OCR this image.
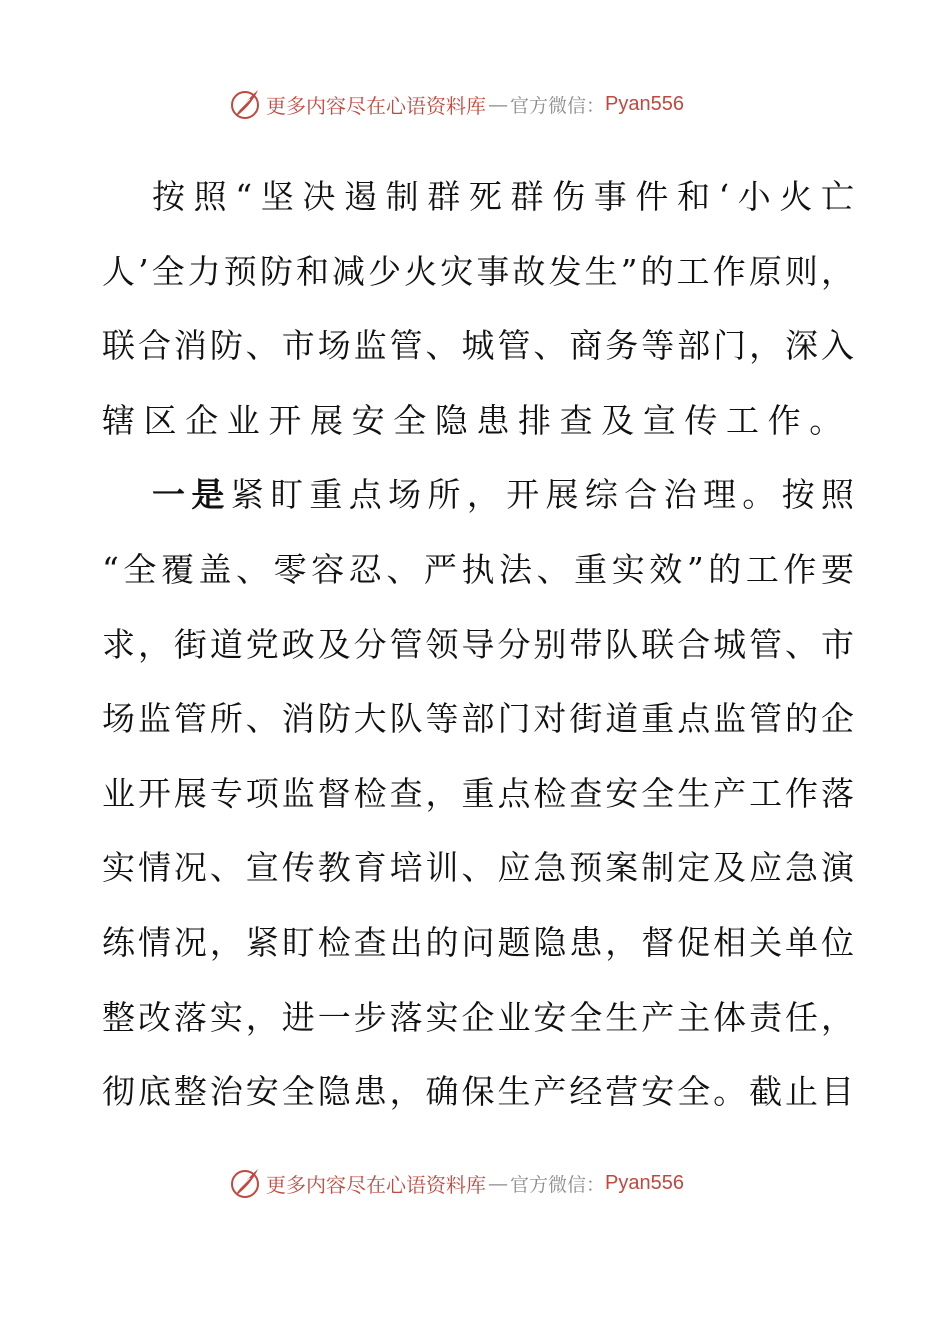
更多内容尽在心语资料库 — 官方微信： Pyan556
按照“坚决遏制群死群伤事件和‘小火亡
人’全力预防和减少火灾事故发生”的工作原则，
联合消防、市场监管、城管、商务等部门，深入
辖区企业开展安全隐患排查及宣传工作。
一是紧盯重点场所，开展综合治理。按照
“全覆盖、零容忍、严执法、重实效”的工作要
求，街道党政及分管领导分别带队联合城管、市
场监管所、消防大队等部门对街道重点监管的企
业开展专项监督检查，重点检查安全生产工作落
实情况、宣传教育培训、应急预案制定及应急演
练情况，紧盯检查出的问题隐患，督促相关单位
整改落实，进一步落实企业安全生产主体责任，
彻底整治安全隐患，确保生产经营安全。截止目
更多内容尽在心语资料库 — 官方微信： Pyan556
